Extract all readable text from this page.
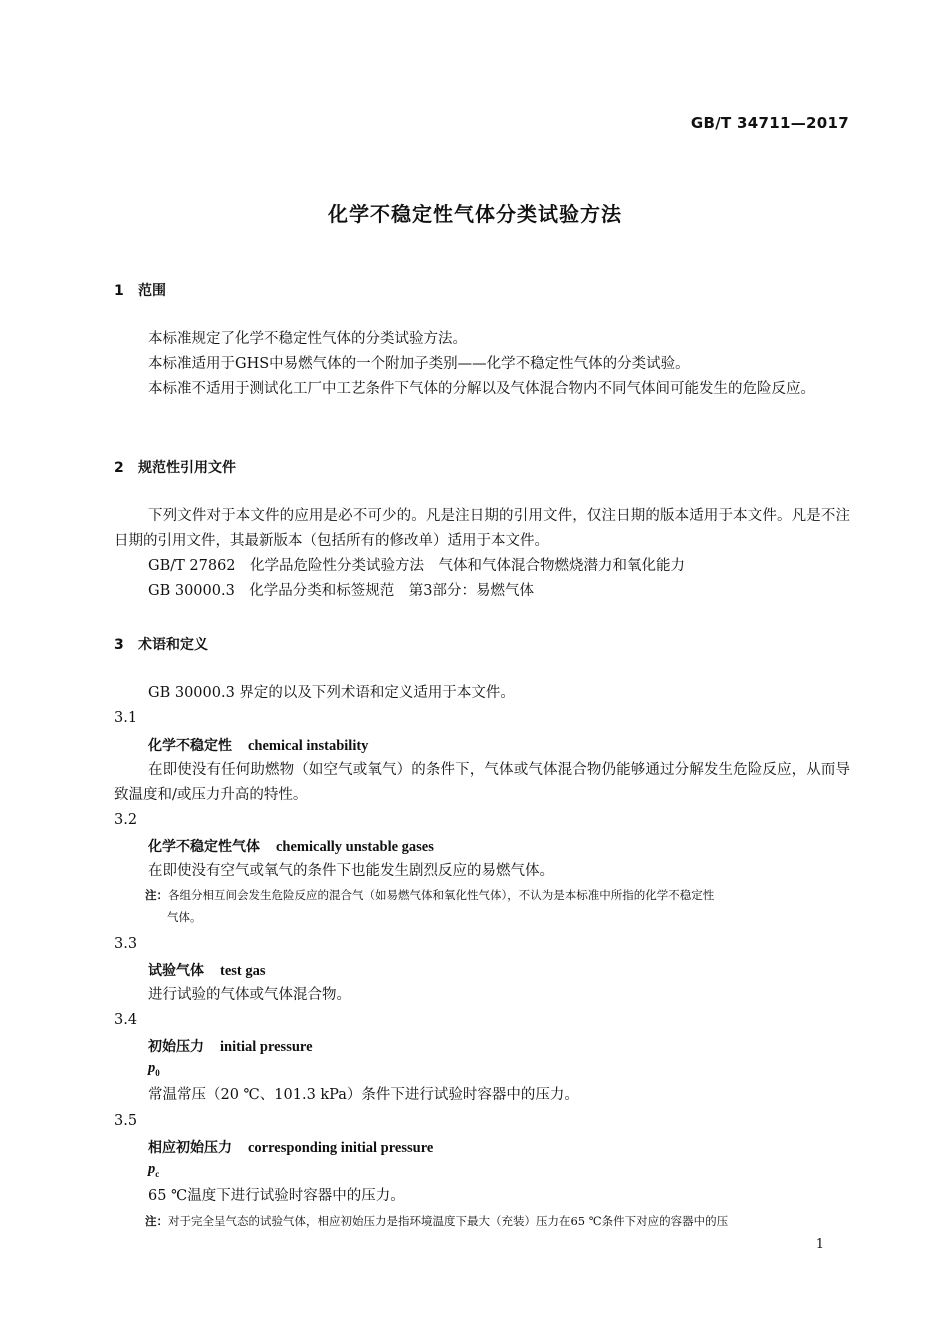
GB/T 34711—2017
化学不稳定性气体分类试验方法
1 范围
本标准规定了化学不稳定性气体的分类试验方法。
本标准适用于GHS中易燃气体的一个附加子类别——化学不稳定性气体的分类试验。
本标准不适用于测试化工厂中工艺条件下气体的分解以及气体混合物内不同气体间可能发生的危险反应。
2 规范性引用文件
下列文件对于本文件的应用是必不可少的。凡是注日期的引用文件，仅注日期的版本适用于本文件。凡是不注日期的引用文件，其最新版本（包括所有的修改单）适用于本文件。
GB/T 27862　化学品危险性分类试验方法　气体和气体混合物燃烧潜力和氧化能力
GB 30000.3　化学品分类和标签规范　第3部分：易燃气体
3 术语和定义
GB 30000.3 界定的以及下列术语和定义适用于本文件。
3.1
化学不稳定性 chemical instability
在即使没有任何助燃物（如空气或氧气）的条件下，气体或气体混合物仍能够通过分解发生危险反应，从而导致温度和/或压力升高的特性。
3.2
化学不稳定性气体 chemically unstable gases
在即使没有空气或氧气的条件下也能发生剧烈反应的易燃气体。
注：各组分相互间会发生危险反应的混合气（如易燃气体和氧化性气体），不认为是本标准中所指的化学不稳定性
气体。
3.3
试验气体 test gas
进行试验的气体或气体混合物。
3.4
初始压力 initial pressure
$p_0$
常温常压（20 ℃、101.3 kPa）条件下进行试验时容器中的压力。
3.5
相应初始压力 corresponding initial pressure
$p_c$
65 ℃温度下进行试验时容器中的压力。
注：对于完全呈气态的试验气体，相应初始压力是指环境温度下最大（充装）压力在65 ℃条件下对应的容器中的压
1
